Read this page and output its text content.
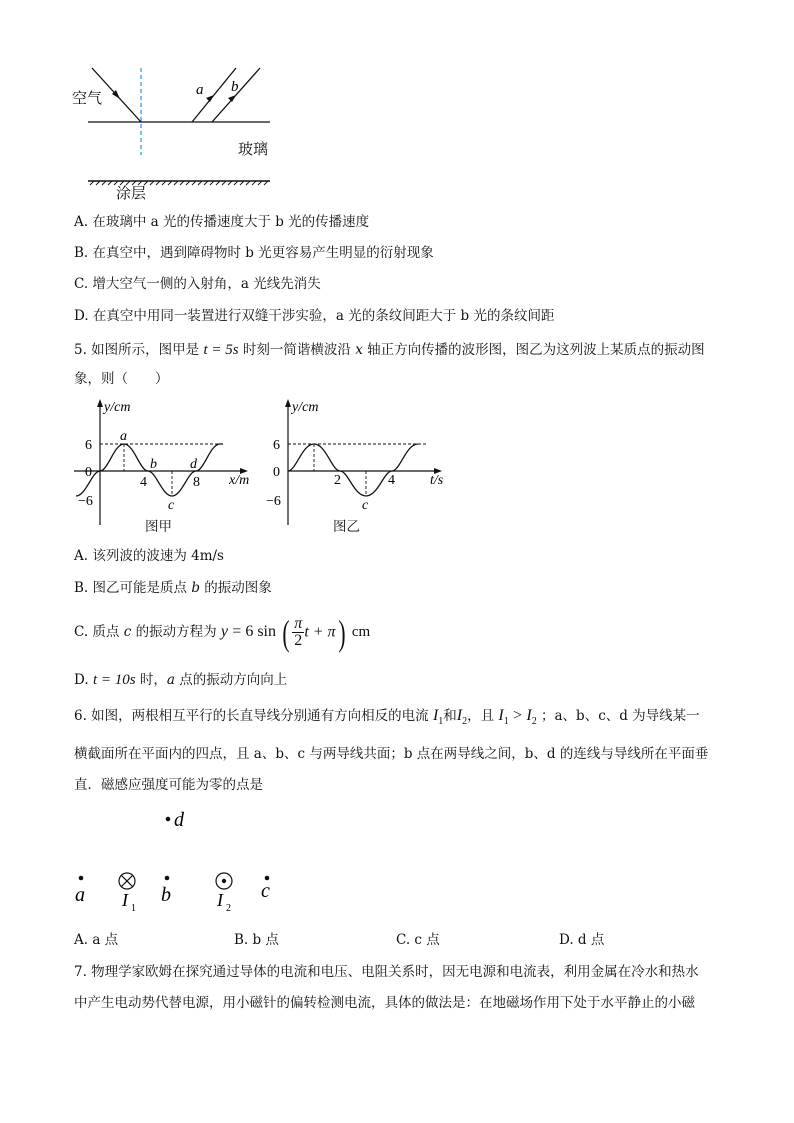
a b
空气
玻璃
涂层
A. 在玻璃中 a 光的传播速度大于 b 光的传播速度
B. 在真空中，遇到障碍物时 b 光更容易产生明显的衍射现象
C. 增大空气一侧的入射角，a 光线先消失
D. 在真空中用同一装置进行双缝干涉实验，a 光的条纹间距大于 b 光的条纹间距
5. 如图所示，图甲是 t = 5s 时刻一简谐横波沿 x 轴正方向传播的波形图，图乙为这列波上某质点的振动图
象，则（　　）
y/cm
6
0
−6
4	8 x/m
a
b
c
d
图甲
y/cm
6
0
−6
2	4	t/s
c
图乙
A. 该列波的波速为 4m/s
B. 图乙可能是质点 b 的振动图象
C. 质点 c 的振动方程为 y = 6 sin ( $\frac{\pi}{2}$ t + π) cm
D. t = 10s 时，a 点的振动方向向上
6. 如图，两根相互平行的长直导线分别通有方向相反的电流 $I_1$和$I_2$，且 $I_1 > I_2$ ；a、b、c、d 为导线某一
横截面所在平面内的四点，且 a、b、c 与两导线共面；b 点在两导线之间，b、d 的连线与导线所在平面垂
直．磁感应强度可能为零的点是
d
a I 1
b	I 2
c
A. a 点	B. b 点	C. c 点	D. d 点
7. 物理学家欧姆在探究通过导体的电流和电压、电阻关系时，因无电源和电流表，利用金属在冷水和热水
中产生电动势代替电源，用小磁针的偏转检测电流，具体的做法是：在地磁场作用下处于水平静止的小磁
